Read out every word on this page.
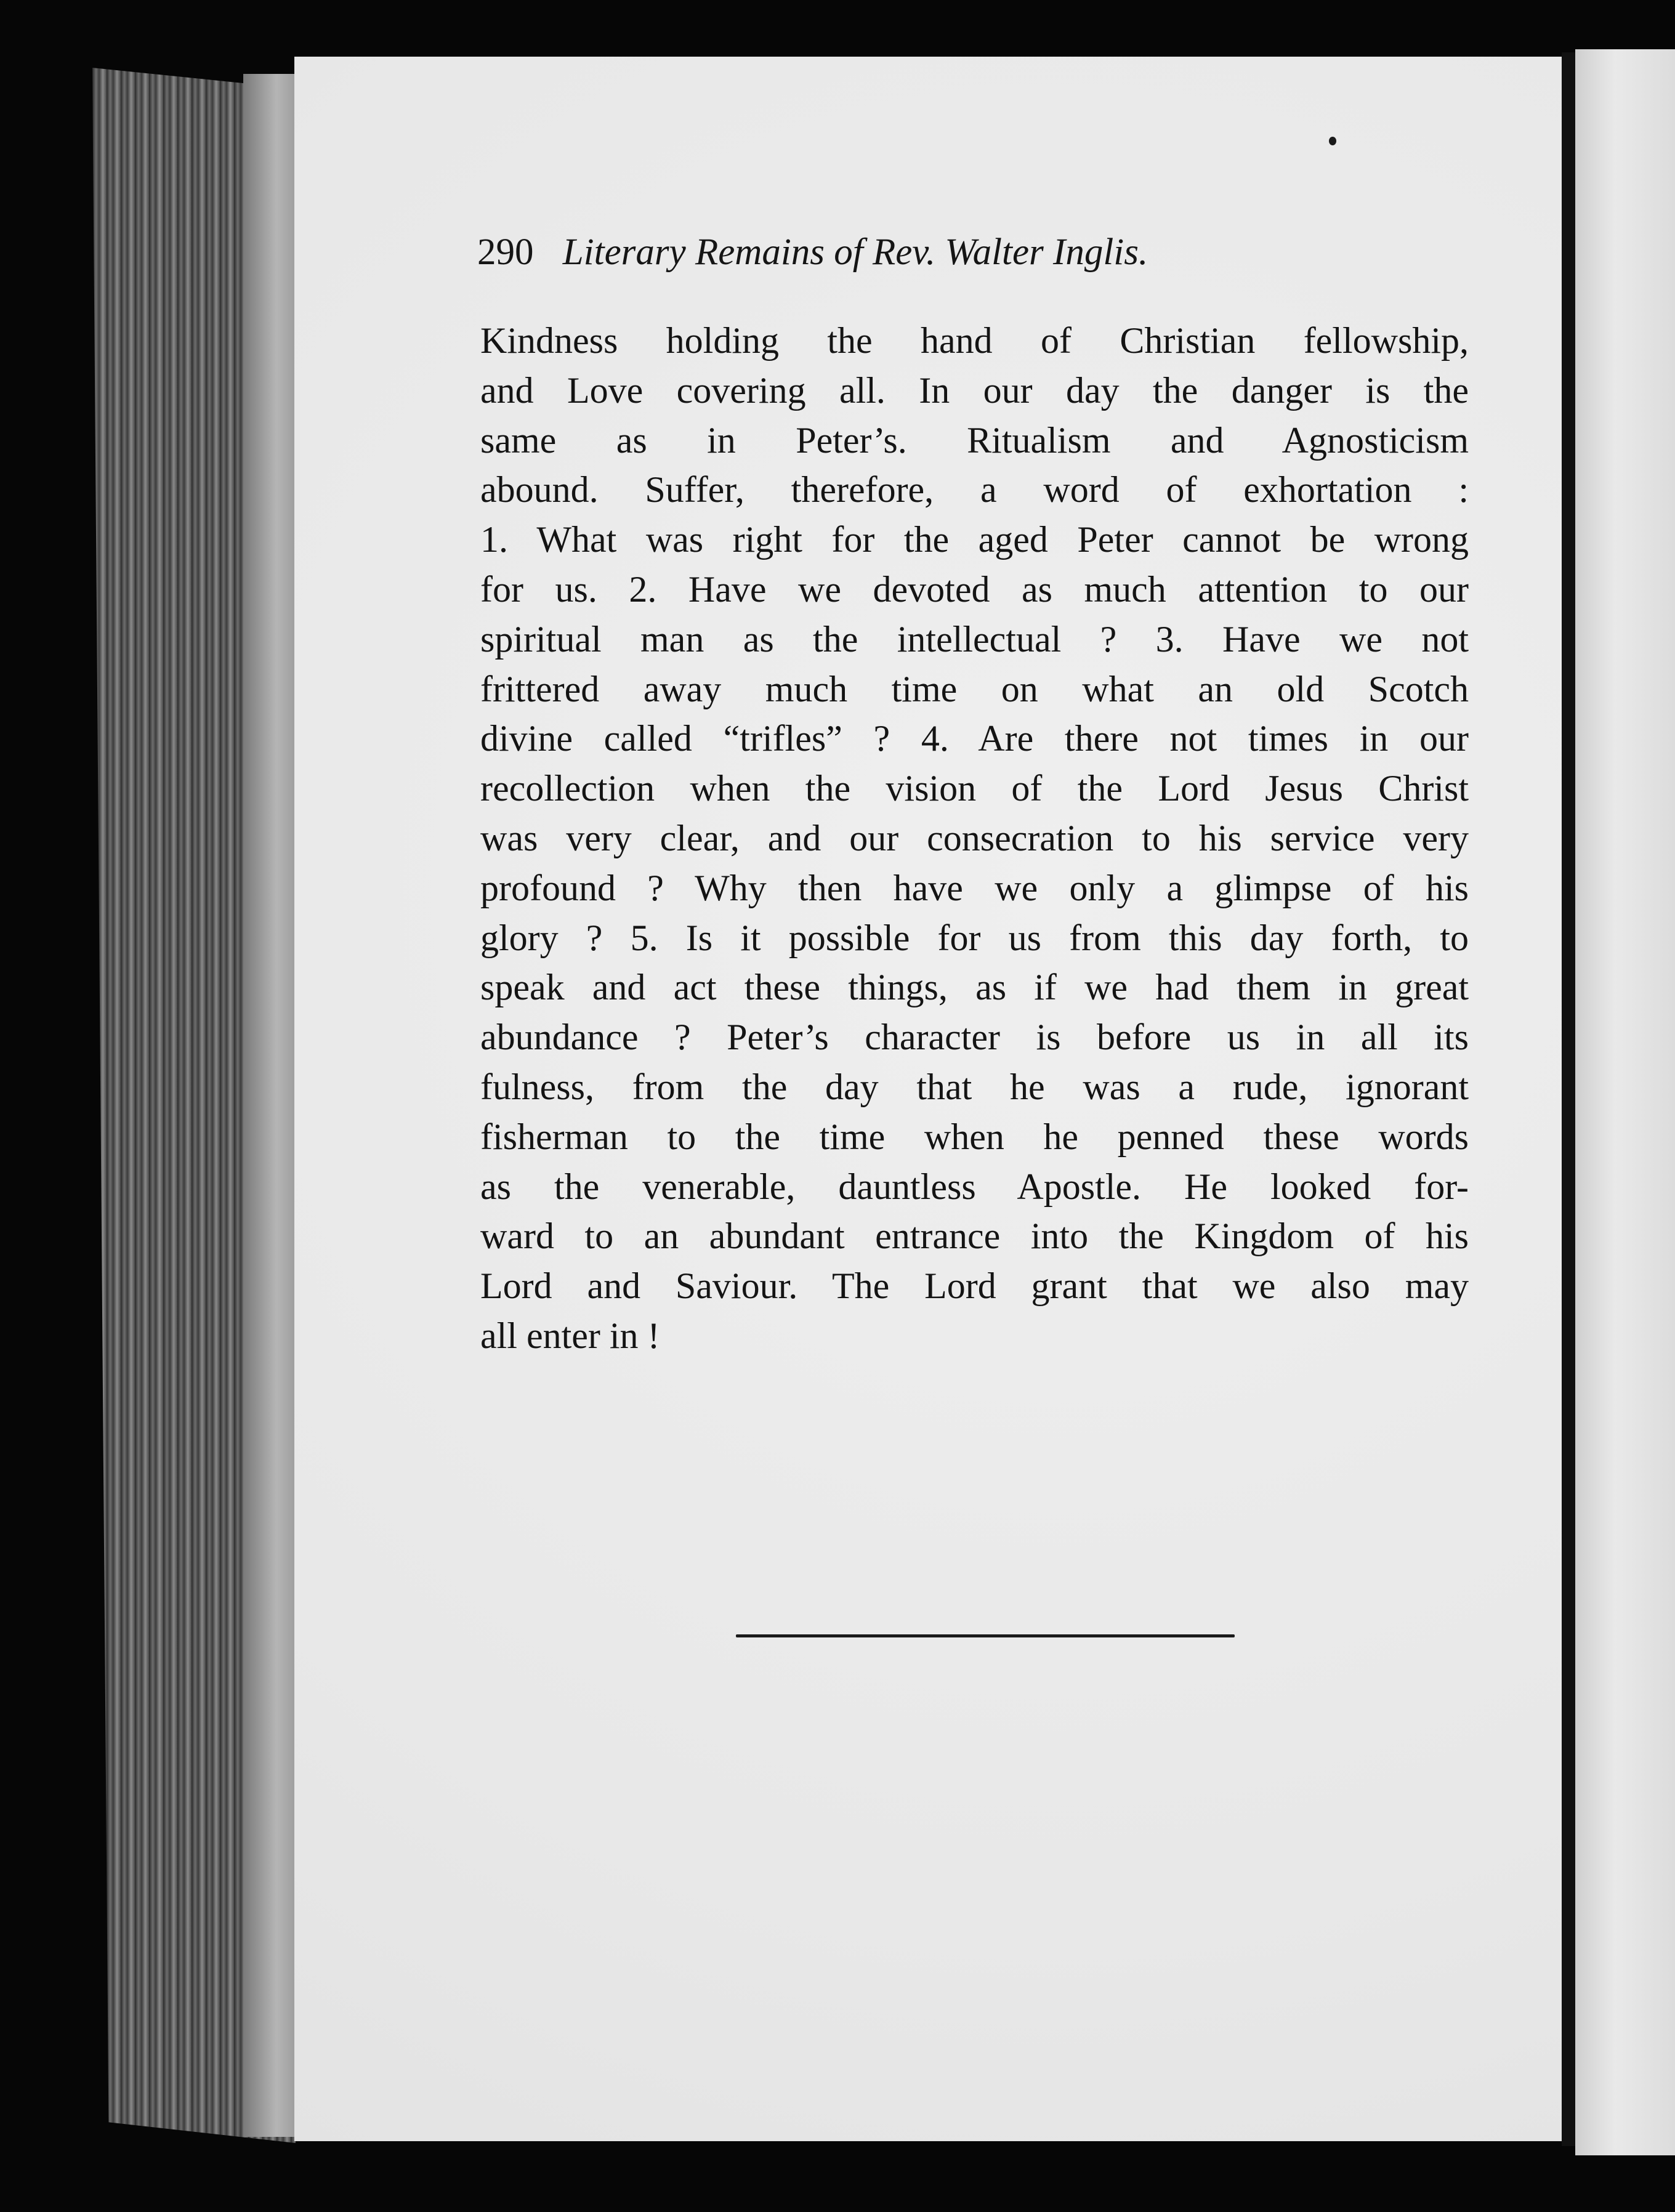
290 Literary Remains of Rev. Walter Inglis.
Kindness holding the hand of Christian fellowship,
and Love covering all. In our day the danger is the
same as in Peter’s. Ritualism and Agnosticism
abound. Suffer, therefore, a word of exhortation :
1. What was right for the aged Peter cannot be wrong
for us. 2. Have we devoted as much attention to our
spiritual man as the intellectual ? 3. Have we not
frittered away much time on what an old Scotch
divine called “trifles” ? 4. Are there not times in our
recollection when the vision of the Lord Jesus Christ
was very clear, and our consecration to his service very
profound ? Why then have we only a glimpse of his
glory ? 5. Is it possible for us from this day forth, to
speak and act these things, as if we had them in great
abundance ? Peter’s character is before us in all its
fulness, from the day that he was a rude, ignorant
fisherman to the time when he penned these words
as the venerable, dauntless Apostle. He looked for-
ward to an abundant entrance into the Kingdom of his
Lord and Saviour. The Lord grant that we also may
all enter in !
